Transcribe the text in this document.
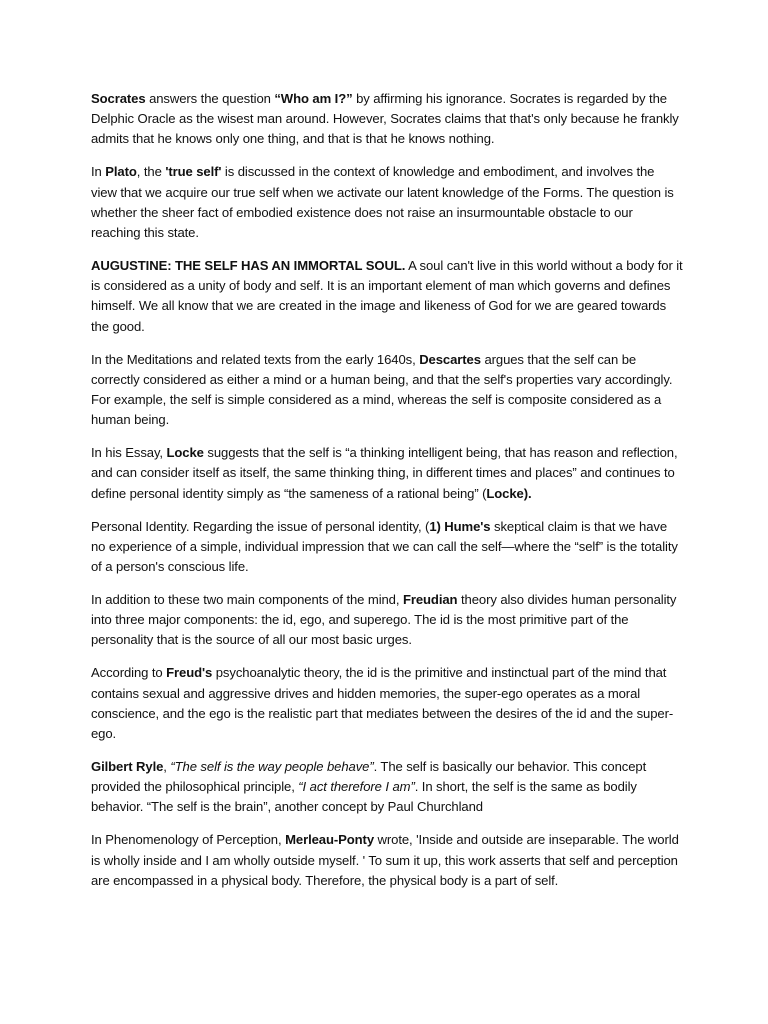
Socrates answers the question “Who am I?” by affirming his ignorance. Socrates is regarded by the Delphic Oracle as the wisest man around. However, Socrates claims that that's only because he frankly admits that he knows only one thing, and that is that he knows nothing.

In Plato, the 'true self' is discussed in the context of knowledge and embodiment, and involves the view that we acquire our true self when we activate our latent knowledge of the Forms. The question is whether the sheer fact of embodied existence does not raise an insurmountable obstacle to our reaching this state.

AUGUSTINE: THE SELF HAS AN IMMORTAL SOUL. A soul can't live in this world without a body for it is considered as a unity of body and self. It is an important element of man which governs and defines himself. We all know that we are created in the image and likeness of God for we are geared towards the good.

In the Meditations and related texts from the early 1640s, Descartes argues that the self can be correctly considered as either a mind or a human being, and that the self's properties vary accordingly. For example, the self is simple considered as a mind, whereas the self is composite considered as a human being.

In his Essay, Locke suggests that the self is “a thinking intelligent being, that has reason and reflection, and can consider itself as itself, the same thinking thing, in different times and places” and continues to define personal identity simply as “the sameness of a rational being” (Locke).

Personal Identity. Regarding the issue of personal identity, (1) Hume's skeptical claim is that we have no experience of a simple, individual impression that we can call the self—where the “self” is the totality of a person's conscious life.

In addition to these two main components of the mind, Freudian theory also divides human personality into three major components: the id, ego, and superego. The id is the most primitive part of the personality that is the source of all our most basic urges.

According to Freud's psychoanalytic theory, the id is the primitive and instinctual part of the mind that contains sexual and aggressive drives and hidden memories, the super-ego operates as a moral conscience, and the ego is the realistic part that mediates between the desires of the id and the super-ego.

Gilbert Ryle, “The self is the way people behave”. The self is basically our behavior. This concept provided the philosophical principle, “I act therefore I am”. In short, the self is the same as bodily behavior. “The self is the brain”, another concept by Paul Churchland

In Phenomenology of Perception, Merleau-Ponty wrote, 'Inside and outside are inseparable. The world is wholly inside and I am wholly outside myself. ' To sum it up, this work asserts that self and perception are encompassed in a physical body. Therefore, the physical body is a part of self.
